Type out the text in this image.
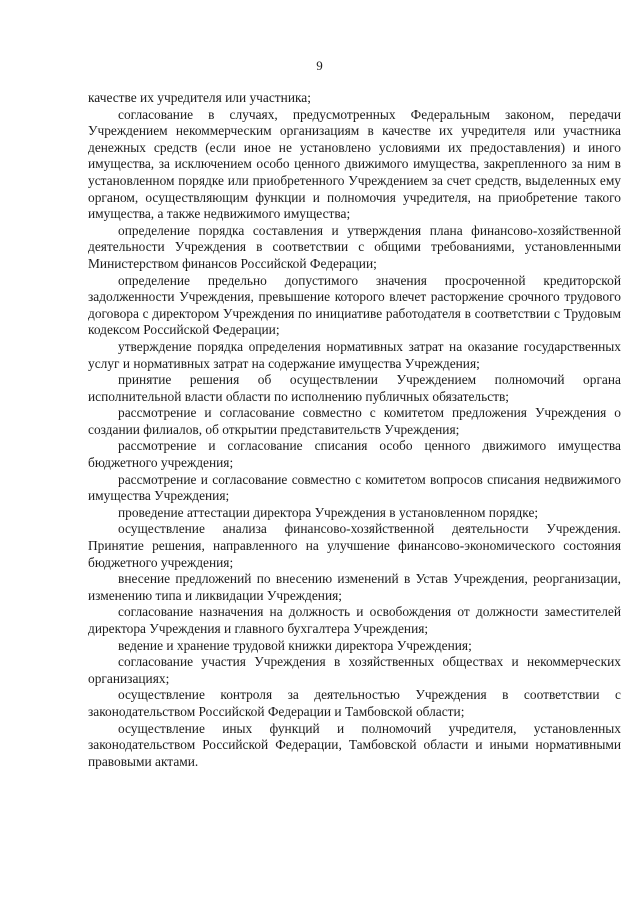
9

качестве их учредителя или участника;

согласование в случаях, предусмотренных Федеральным законом, передачи Учреждением некоммерческим организациям в качестве их учредителя или участника денежных средств (если иное не установлено условиями их предоставления) и иного имущества, за исключением особо ценного движимого имущества, закрепленного за ним в установленном порядке или приобретенного Учреждением за счет средств, выделенных ему органом, осуществляющим функции и полномочия учредителя, на приобретение такого имущества, а также недвижимого имущества;

определение порядка составления и утверждения плана финансово-хозяйственной деятельности Учреждения в соответствии с общими требованиями, установленными Министерством финансов Российской Федерации;

определение предельно допустимого значения просроченной кредиторской задолженности Учреждения, превышение которого влечет расторжение срочного трудового договора с директором Учреждения по инициативе работодателя в соответствии с Трудовым кодексом Российской Федерации;

утверждение порядка определения нормативных затрат на оказание государственных услуг и нормативных затрат на содержание имущества Учреждения;

принятие решения об осуществлении Учреждением полномочий органа исполнительной власти области по исполнению публичных обязательств;

рассмотрение и согласование совместно с комитетом предложения Учреждения о создании филиалов, об открытии представительств Учреждения;

рассмотрение и согласование списания особо ценного движимого имущества бюджетного учреждения;

рассмотрение и согласование совместно с комитетом вопросов списания недвижимого имущества Учреждения;

проведение аттестации директора Учреждения в установленном порядке;

осуществление анализа финансово-хозяйственной деятельности Учреждения. Принятие решения, направленного на улучшение финансово-экономического состояния бюджетного учреждения;

внесение предложений по внесению изменений в Устав Учреждения, реорганизации, изменению типа и ликвидации Учреждения;

согласование назначения на должность и освобождения от должности заместителей директора Учреждения и главного бухгалтера Учреждения;

ведение и хранение трудовой книжки директора Учреждения;

согласование участия Учреждения в хозяйственных обществах и некоммерческих организациях;

осуществление контроля за деятельностью Учреждения в соответствии с законодательством Российской Федерации и Тамбовской области;

осуществление иных функций и полномочий учредителя, установленных законодательством Российской Федерации, Тамбовской области и иными нормативными правовыми актами.
